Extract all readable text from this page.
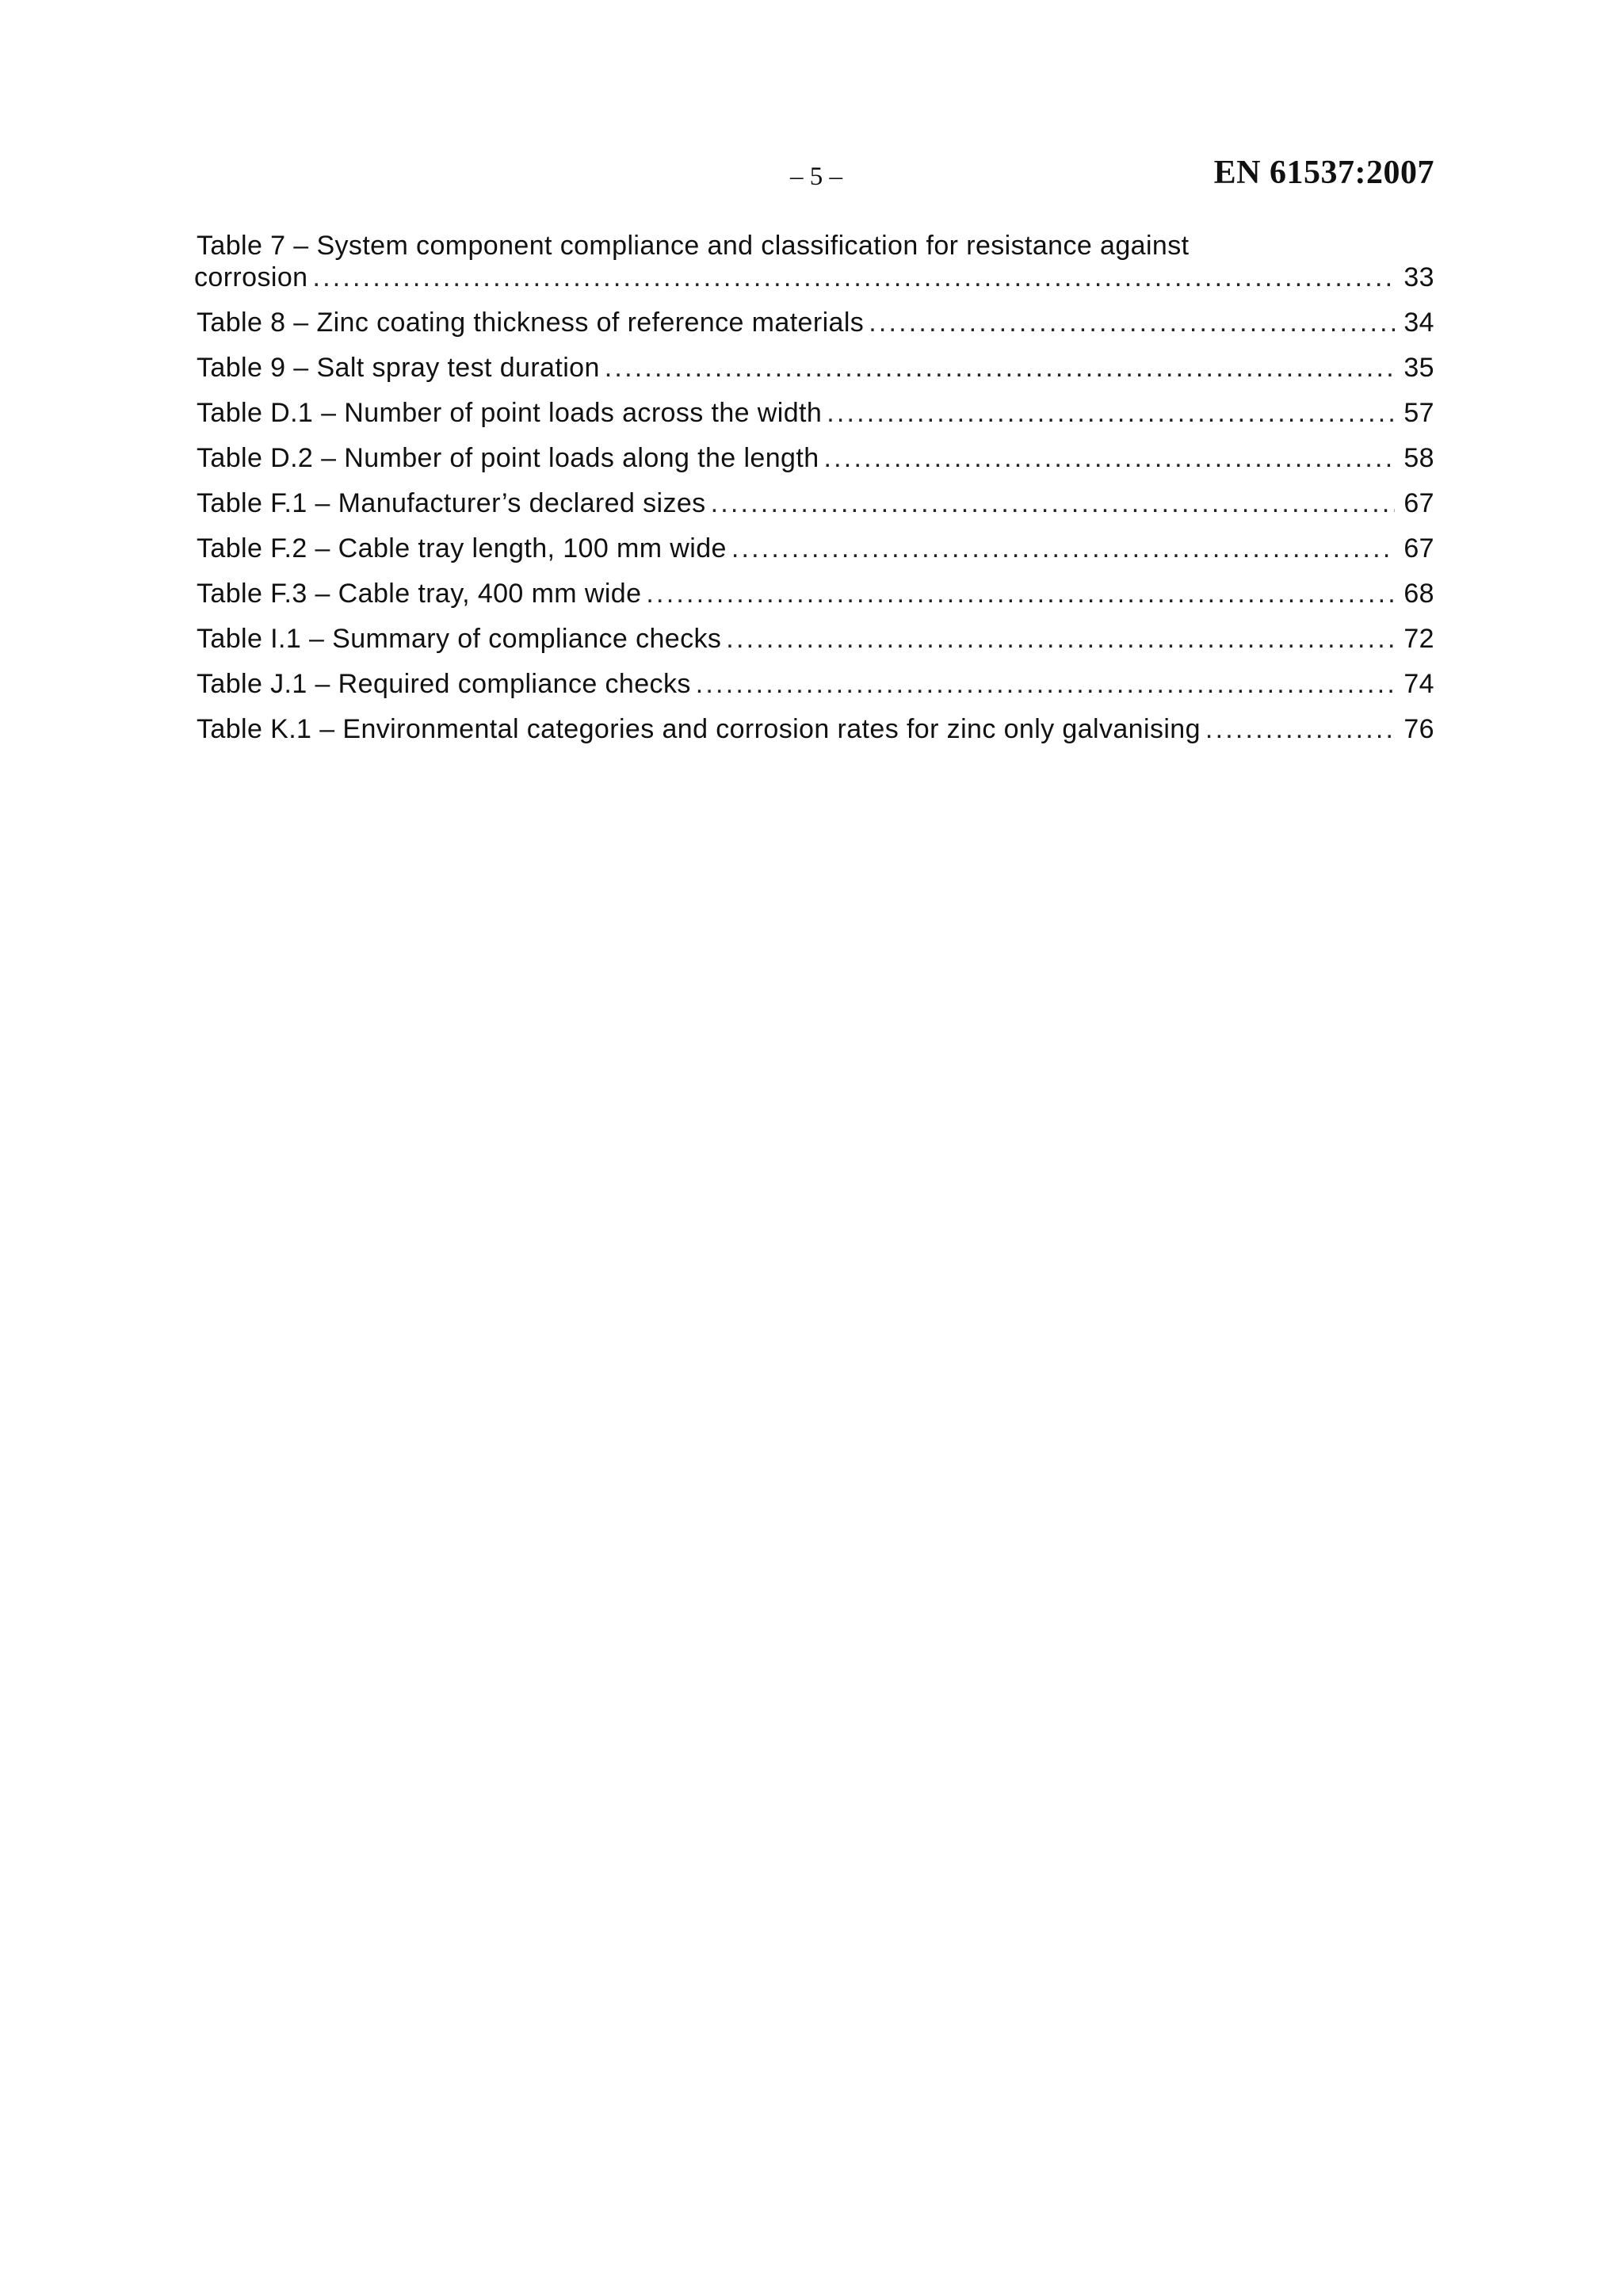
– 5 –	EN 61537:2007
Table 7 – System component compliance and classification for resistance against
corrosion .....	33
Table 8 – Zinc coating thickness of reference materials .....	34
Table 9 – Salt spray test duration .....	35
Table D.1 – Number of point loads across the width .....	57
Table D.2 – Number of point loads along the length .....	58
Table F.1 – Manufacturer’s declared sizes .....	67
Table F.2 – Cable tray length, 100 mm wide .....	67
Table F.3 – Cable tray, 400 mm wide .....	68
Table I.1 – Summary of compliance checks .....	72
Table J.1 – Required compliance checks .....	74
Table K.1 – Environmental categories and corrosion rates for zinc only galvanising .....	76
